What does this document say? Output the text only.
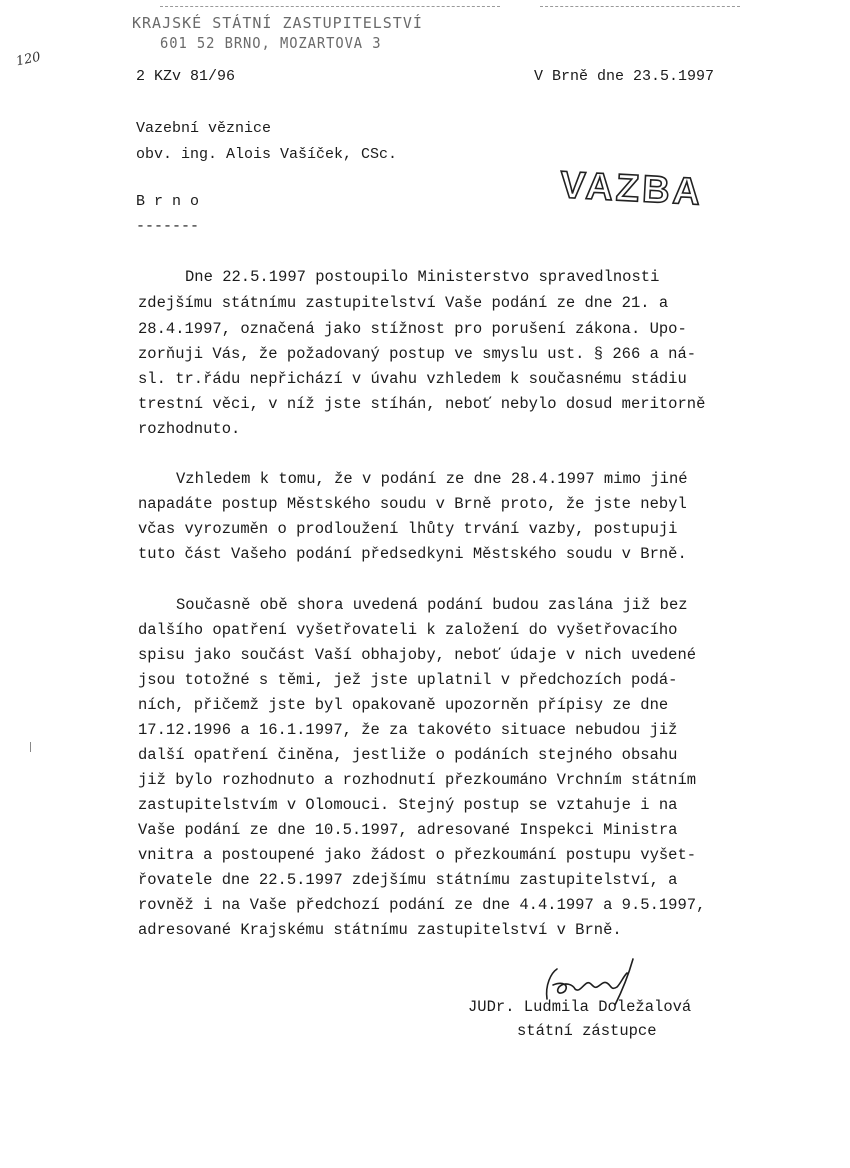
KRAJSKÉ STÁTNÍ ZASTUPITELSTVÍ
601 52 BRNO, MOZARTOVA 3
120
2 KZv 81/96	V Brně dne 23.5.1997
Vazební věznice
obv. ing. Alois Vašíček, CSc.
B r n o
-------
VAZBA
Dne 22.5.1997 postoupilo Ministerstvo spravedlnosti
zdejšímu státnímu zastupitelství Vaše podání ze dne 21. a
28.4.1997, označená jako stížnost pro porušení zákona. Upo-
zorňuji Vás, že požadovaný postup ve smyslu ust. § 266 a ná-
sl. tr.řádu nepřichází v úvahu vzhledem k současnému stádiu
trestní věci, v níž jste stíhán, neboť nebylo dosud meritorně
rozhodnuto.
Vzhledem k tomu, že v podání ze dne 28.4.1997 mimo jiné
napadáte postup Městského soudu v Brně proto, že jste nebyl
včas vyrozuměn o prodloužení lhůty trvání vazby, postupuji
tuto část Vašeho podání předsedkyni Městského soudu v Brně.
Současně obě shora uvedená podání budou zaslána již bez
dalšího opatření vyšetřovateli k založení do vyšetřovacího
spisu jako součást Vaší obhajoby, neboť údaje v nich uvedené
jsou totožné s těmi, jež jste uplatnil v předchozích podá-
ních, přičemž jste byl opakovaně upozorněn přípisy ze dne
17.12.1996 a 16.1.1997, že za takovéto situace nebudou již
další opatření činěna, jestliže o podáních stejného obsahu
již bylo rozhodnuto a rozhodnutí přezkoumáno Vrchním státním
zastupitelstvím v Olomouci. Stejný postup se vztahuje i na
Vaše podání ze dne 10.5.1997, adresované Inspekci Ministra
vnitra a postoupené jako žádost o přezkoumání postupu vyšet-
řovatele dne 22.5.1997 zdejšímu státnímu zastupitelství, a
rovněž i na Vaše předchozí podání ze dne 4.4.1997 a 9.5.1997,
adresované Krajskému státnímu zastupitelství v Brně.
JUDr. Ludmila Doležalová
státní zástupce
